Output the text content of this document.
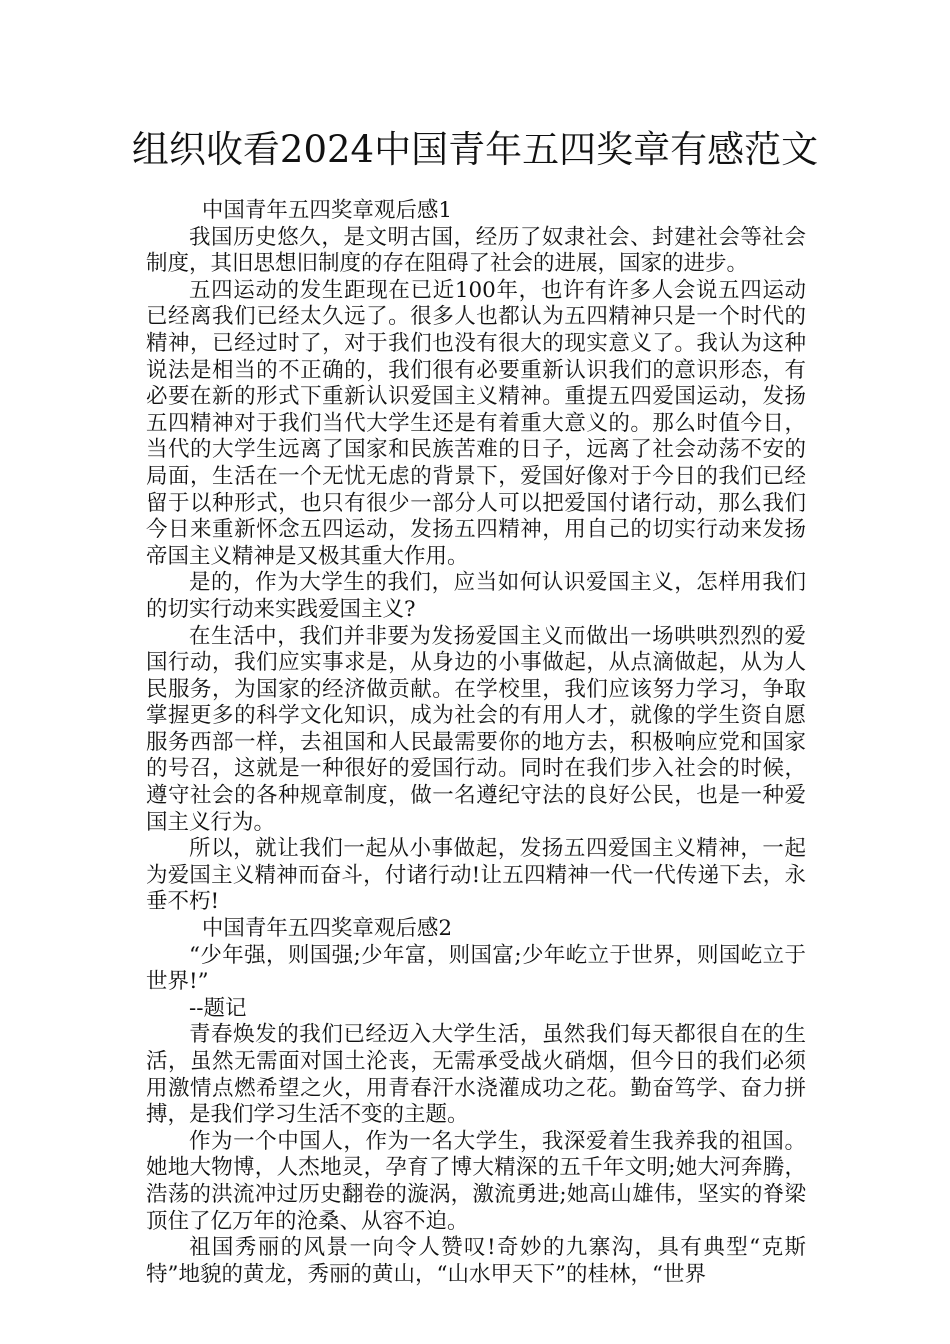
组织收看2024中国青年五四奖章有感范文

中国青年五四奖章观后感1

我国历史悠久，是文明古国，经历了奴隶社会、封建社会等社会制度，其旧思想旧制度的存在阻碍了社会的进展，国家的进步。

五四运动的发生距现在已近100年，也许有许多人会说五四运动已经离我们已经太久远了。很多人也都认为五四精神只是一个时代的精神，已经过时了，对于我们也没有很大的现实意义了。我认为这种说法是相当的不正确的，我们很有必要重新认识我们的意识形态，有必要在新的形式下重新认识爱国主义精神。重提五四爱国运动，发扬五四精神对于我们当代大学生还是有着重大意义的。那么时值今日，当代的大学生远离了国家和民族苦难的日子，远离了社会动荡不安的局面，生活在一个无忧无虑的背景下，爱国好像对于今日的我们已经留于以种形式，也只有很少一部分人可以把爱国付诸行动，那么我们今日来重新怀念五四运动，发扬五四精神，用自己的切实行动来发扬帝国主义精神是又极其重大作用。

是的，作为大学生的我们，应当如何认识爱国主义，怎样用我们的切实行动来实践爱国主义?

在生活中，我们并非要为发扬爱国主义而做出一场哄哄烈烈的爱国行动，我们应实事求是，从身边的小事做起，从点滴做起，从为人民服务，为国家的经济做贡献。在学校里，我们应该努力学习，争取掌握更多的科学文化知识，成为社会的有用人才，就像的学生资自愿服务西部一样，去祖国和人民最需要你的地方去，积极响应党和国家的号召，这就是一种很好的爱国行动。同时在我们步入社会的时候，遵守社会的各种规章制度，做一名遵纪守法的良好公民，也是一种爱国主义行为。

所以，就让我们一起从小事做起，发扬五四爱国主义精神，一起为爱国主义精神而奋斗，付诸行动!让五四精神一代一代传递下去，永垂不朽!

中国青年五四奖章观后感2

“少年强，则国强;少年富，则国富;少年屹立于世界，则国屹立于世界!”

--题记

青春焕发的我们已经迈入大学生活，虽然我们每天都很自在的生活，虽然无需面对国土沦丧，无需承受战火硝烟，但今日的我们必须用激情点燃希望之火，用青春汗水浇灌成功之花。勤奋笃学、奋力拼搏，是我们学习生活不变的主题。

作为一个中国人，作为一名大学生，我深爱着生我养我的祖国。她地大物博，人杰地灵，孕育了博大精深的五千年文明;她大河奔腾，浩荡的洪流冲过历史翻卷的漩涡，激流勇进;她高山雄伟，坚实的脊梁顶住了亿万年的沧桑、从容不迫。

祖国秀丽的风景一向令人赞叹!奇妙的九寨沟，具有典型“克斯特”地貌的黄龙，秀丽的黄山，“山水甲天下”的桂林，“世界
